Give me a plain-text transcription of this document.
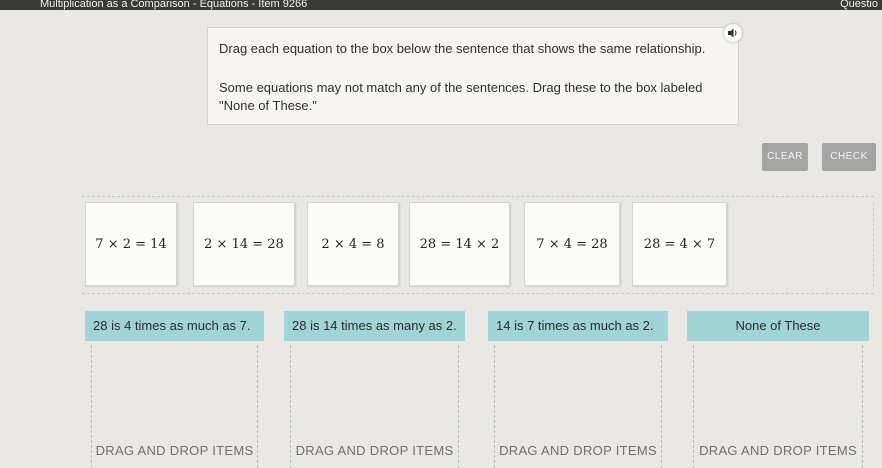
Multiplication as a Comparison - Equations - Item 9266	Questio
Drag each equation to the box below the sentence that shows the same relationship.
Some equations may not match any of the sentences. Drag these to the box labeled "None of These."
CLEAR	CHECK
7 × 2 = 14	2 × 14 = 28	2 × 4 = 8	28 = 14 × 2	7 × 4 = 28	28 = 4 × 7
28 is 4 times as much as 7.
DRAG AND DROP ITEMS
28 is 14 times as many as 2.
DRAG AND DROP ITEMS
14 is 7 times as much as 2.
DRAG AND DROP ITEMS
None of These
DRAG AND DROP ITEMS
